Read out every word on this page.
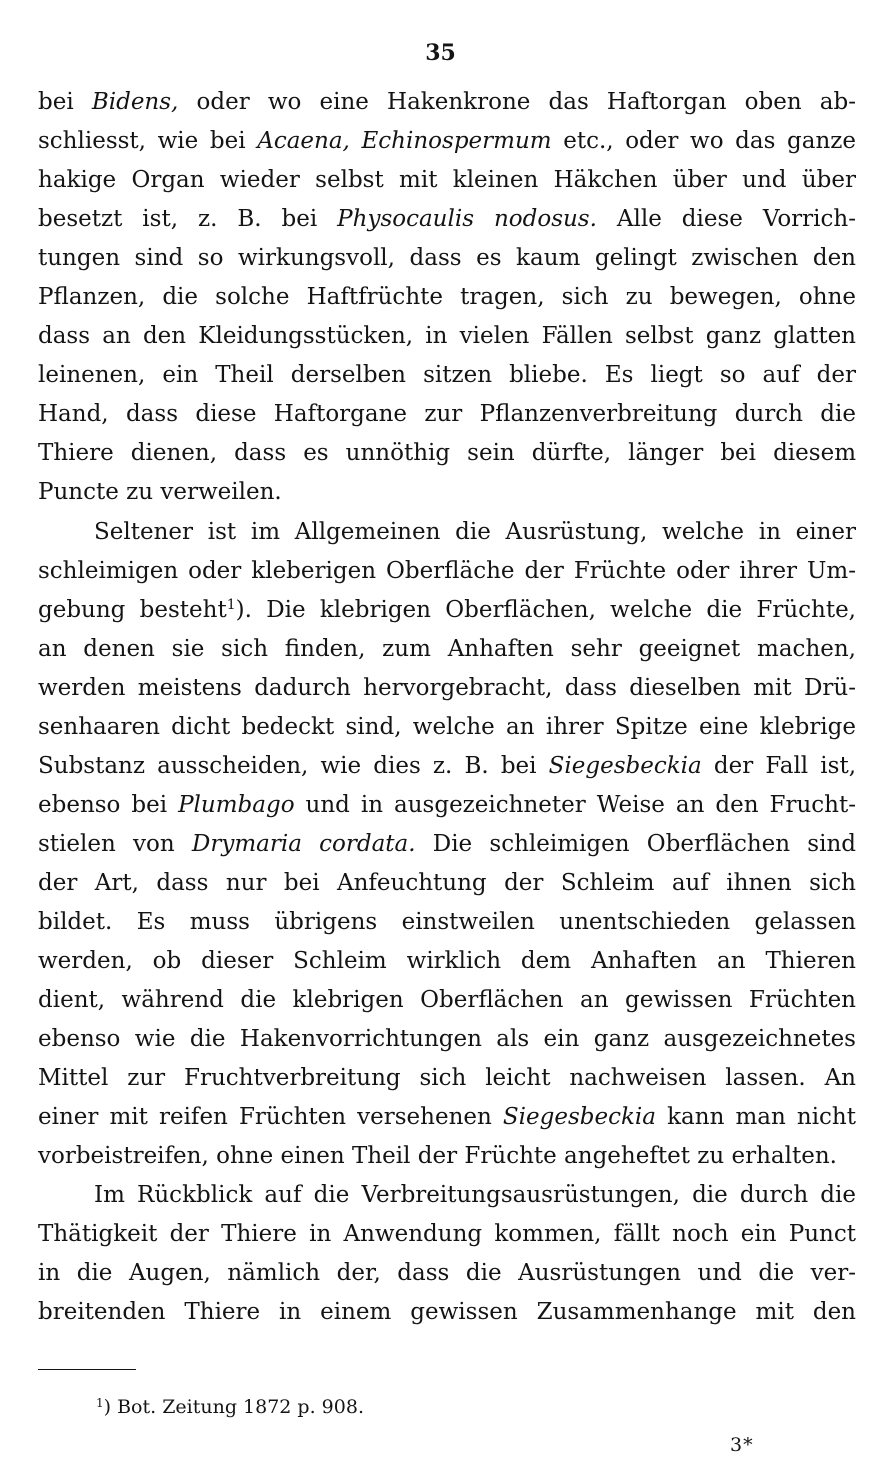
35
bei Bidens, oder wo eine Hakenkrone das Haftorgan oben ab-
schliesst, wie bei Acaena, Echinospermum etc., oder wo das ganze
hakige Organ wieder selbst mit kleinen Häkchen über und über
besetzt ist, z. B. bei Physocaulis nodosus. Alle diese Vorrich-
tungen sind so wirkungsvoll, dass es kaum gelingt zwischen den
Pflanzen, die solche Haftfrüchte tragen, sich zu bewegen, ohne
dass an den Kleidungsstücken, in vielen Fällen selbst ganz glatten
leinenen, ein Theil derselben sitzen bliebe. Es liegt so auf der
Hand, dass diese Haftorgane zur Pflanzenverbreitung durch die
Thiere dienen, dass es unnöthig sein dürfte, länger bei diesem
Puncte zu verweilen.
Seltener ist im Allgemeinen die Ausrüstung, welche in einer
schleimigen oder kleberigen Oberfläche der Früchte oder ihrer Um-
gebung besteht$^1$). Die klebrigen Oberflächen, welche die Früchte,
an denen sie sich finden, zum Anhaften sehr geeignet machen,
werden meistens dadurch hervorgebracht, dass dieselben mit Drü-
senhaaren dicht bedeckt sind, welche an ihrer Spitze eine klebrige
Substanz ausscheiden, wie dies z. B. bei Siegesbeckia der Fall ist,
ebenso bei Plumbago und in ausgezeichneter Weise an den Frucht-
stielen von Drymaria cordata. Die schleimigen Oberflächen sind
der Art, dass nur bei Anfeuchtung der Schleim auf ihnen sich
bildet. Es muss übrigens einstweilen unentschieden gelassen
werden, ob dieser Schleim wirklich dem Anhaften an Thieren
dient, während die klebrigen Oberflächen an gewissen Früchten
ebenso wie die Hakenvorrichtungen als ein ganz ausgezeichnetes
Mittel zur Fruchtverbreitung sich leicht nachweisen lassen. An
einer mit reifen Früchten versehenen Siegesbeckia kann man nicht
vorbeistreifen, ohne einen Theil der Früchte angeheftet zu erhalten.
Im Rückblick auf die Verbreitungsausrüstungen, die durch die
Thätigkeit der Thiere in Anwendung kommen, fällt noch ein Punct
in die Augen, nämlich der, dass die Ausrüstungen und die ver-
breitenden Thiere in einem gewissen Zusammenhange mit den
$^1$) Bot. Zeitung 1872 p. 908.
3*
